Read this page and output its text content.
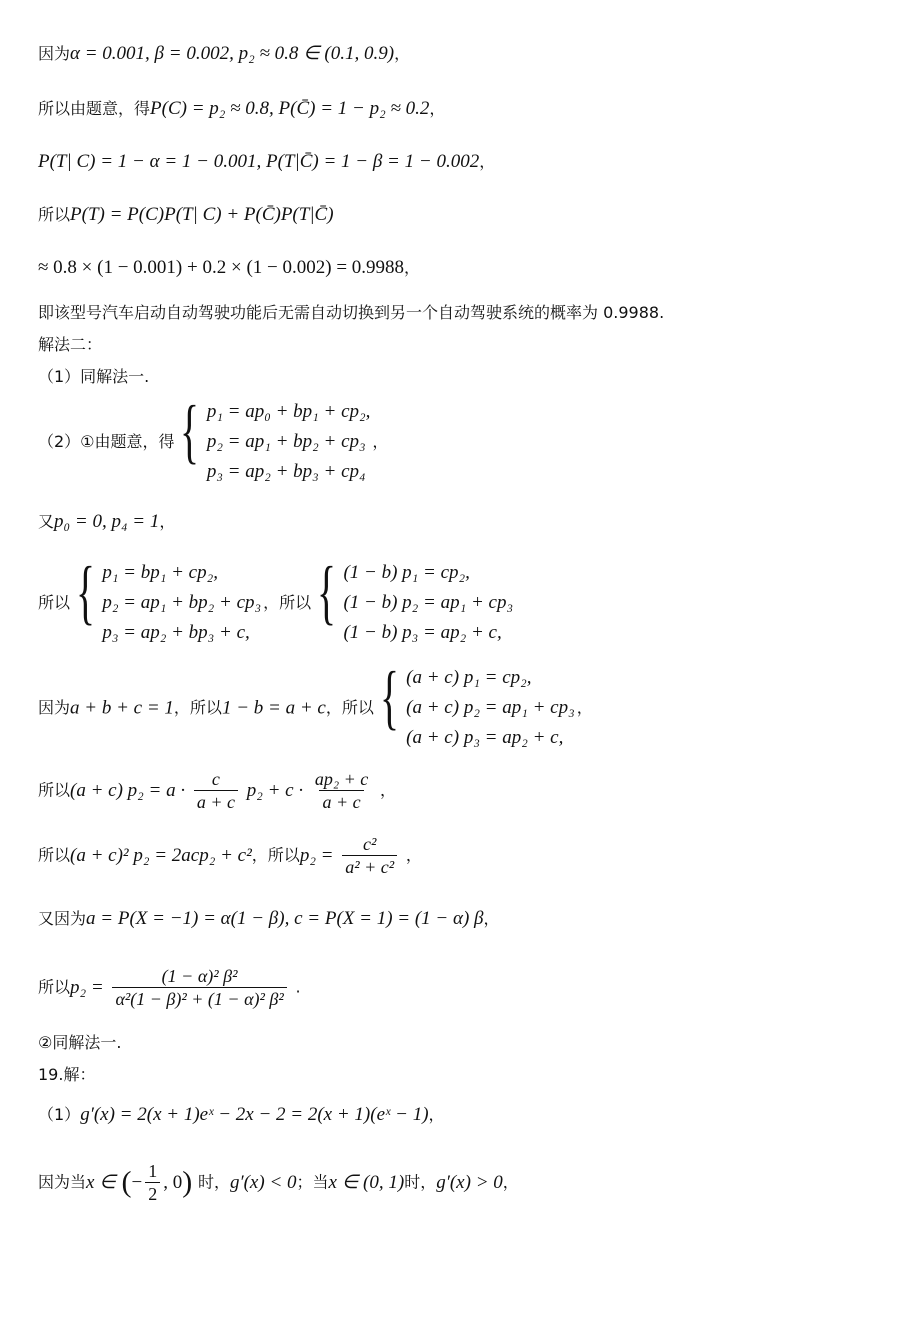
因为α = 0.001, β = 0.002, p₂ ≈ 0.8 ∈ (0.1, 0.9)，
所以由题意，得P(C) = p₂ ≈ 0.8, P(C̄) = 1 − p₂ ≈ 0.2，
P(T| C) = 1 − α = 1 − 0.001, P(T|C̄) = 1 − β = 1 − 0.002，
所以P(T) = P(C)P(T| C) + P(C̄)P(T|C̄)
≈ 0.8 × (1 − 0.001) + 0.2 × (1 − 0.002) = 0.9988，
即该型号汽车启动自动驾驶功能后无需自动切换到另一个自动驾驶系统的概率为 0.9988.
解法二：
（1）同解法一.
（2）①由题意，得 { p₁ = ap₀ + bp₁ + cp₂,
p₂ = ap₁ + bp₂ + cp₃
p₃ = ap₂ + bp₃ + cp₄
，
又p₀ = 0, p₄ = 1，
所以 { p₁ = bp₁ + cp₂,
p₂ = ap₁ + bp₂ + cp₃
p₃ = ap₂ + bp₃ + c,
，所以 { (1 − b) p₁ = cp₂,
(1 − b) p₂ = ap₁ + cp₃
(1 − b) p₃ = ap₂ + c,
因为a + b + c = 1，所以1 − b = a + c，所以 { (a + c) p₁ = cp₂,
(a + c) p₂ = ap₁ + cp₃
(a + c) p₃ = ap₂ + c,
，
所以(a + c) $p_2 = a \cdot \frac{c}{a + c} p_2 + c \cdot \frac{\text{ap₂ + c}}{a + c}$ ，
所以(a + c)² p₂ = 2acp₂ + c²，所以$p_2 = \frac{\text{c²}}{\text{a² + c²}}$ ，
又因为a = P(X = −1) = α(1 − β), c = P(X = 1) = (1 − α) β，
所以$p_2 = \frac{\text{(1 − α)² β²}}{\text{α²(1 − β)² + (1 − α)² β²}}$ .
②同解法一.
19.解：
（1）g′(x) = 2(x + 1)eˣ − 2x − 2 = 2(x + 1)(eˣ − 1)，
因为当x ∈ (− $\frac{1}{2}$ , 0) 时，g′(x) < 0；当x ∈ (0, 1)时，g′(x) > 0，
